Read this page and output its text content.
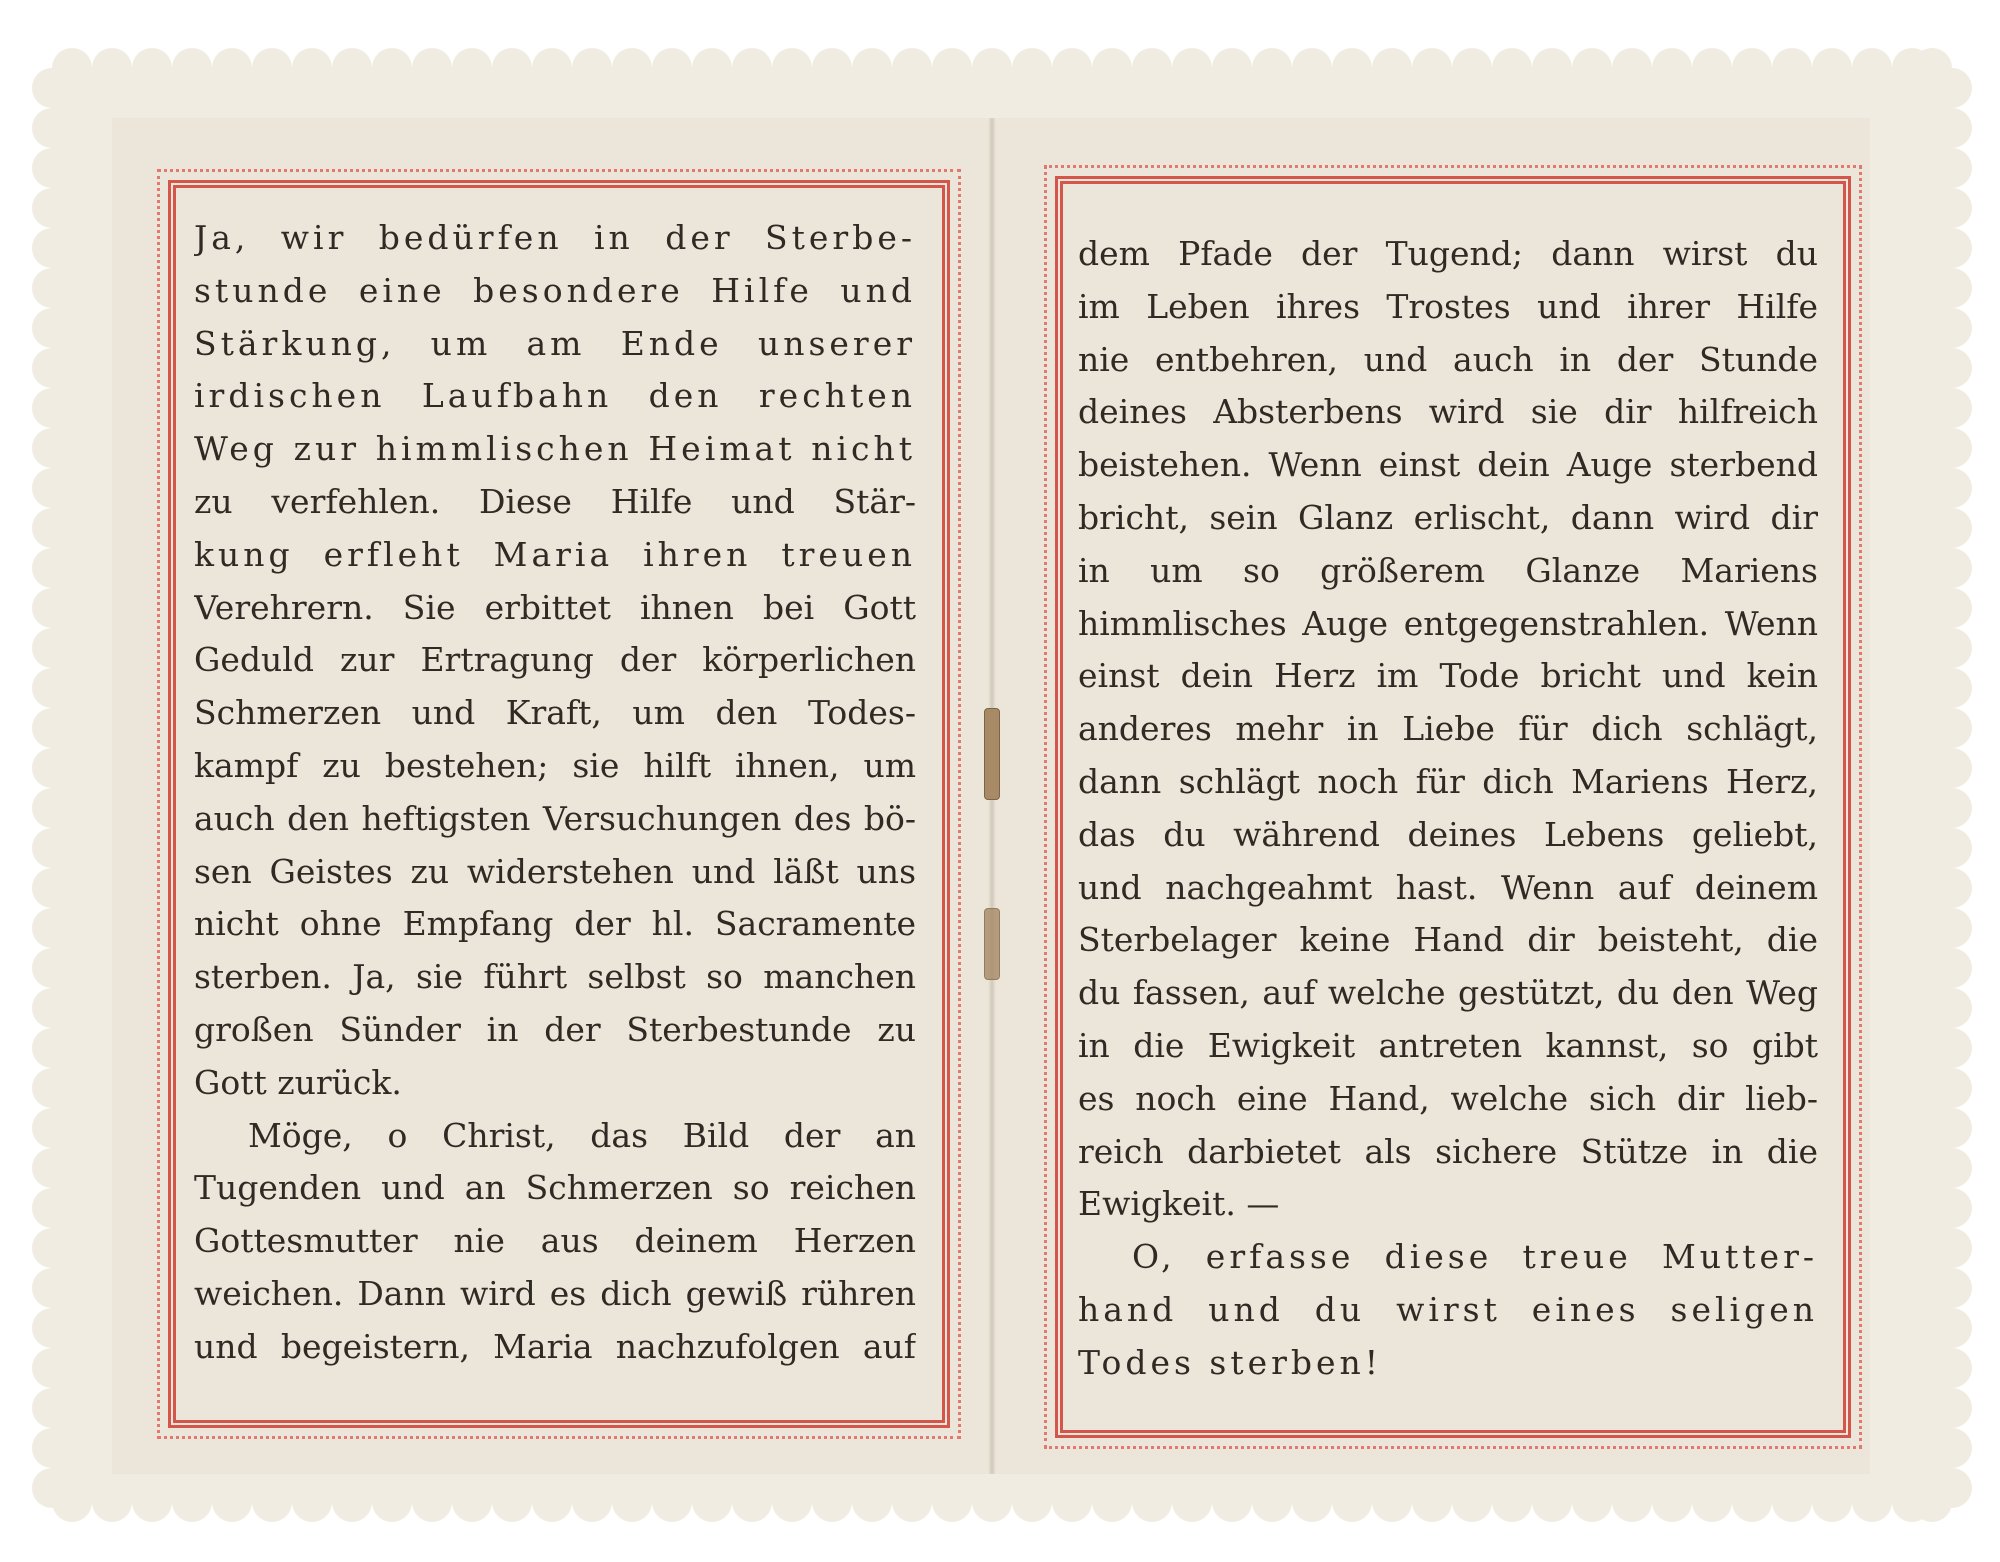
Ja, wir bedürfen in der Sterbe-
stunde eine besondere Hilfe und
Stärkung, um am Ende unserer
irdischen Laufbahn den rechten
Weg zur himmlischen Heimat nicht
zu verfehlen. Diese Hilfe und Stär-
kung erfleht Maria ihren treuen
Verehrern. Sie erbittet ihnen bei Gott
Geduld zur Ertragung der körperlichen
Schmerzen und Kraft, um den Todes-
kampf zu bestehen; sie hilft ihnen, um
auch den heftigsten Versuchungen des bö-
sen Geistes zu widerstehen und läßt uns
nicht ohne Empfang der hl. Sacramente
sterben. Ja, sie führt selbst so manchen
großen Sünder in der Sterbestunde zu
Gott zurück.
Möge, o Christ, das Bild der an
Tugenden und an Schmerzen so reichen
Gottesmutter nie aus deinem Herzen
weichen. Dann wird es dich gewiß rühren
und begeistern, Maria nachzufolgen auf
dem Pfade der Tugend; dann wirst du
im Leben ihres Trostes und ihrer Hilfe
nie entbehren, und auch in der Stunde
deines Absterbens wird sie dir hilfreich
beistehen. Wenn einst dein Auge sterbend
bricht, sein Glanz erlischt, dann wird dir
in um so größerem Glanze Mariens
himmlisches Auge entgegenstrahlen. Wenn
einst dein Herz im Tode bricht und kein
anderes mehr in Liebe für dich schlägt,
dann schlägt noch für dich Mariens Herz,
das du während deines Lebens geliebt,
und nachgeahmt hast. Wenn auf deinem
Sterbelager keine Hand dir beisteht, die
du fassen, auf welche gestützt, du den Weg
in die Ewigkeit antreten kannst, so gibt
es noch eine Hand, welche sich dir lieb-
reich darbietet als sichere Stütze in die
Ewigkeit. —
O, erfasse diese treue Mutter-
hand und du wirst eines seligen
Todes sterben!
